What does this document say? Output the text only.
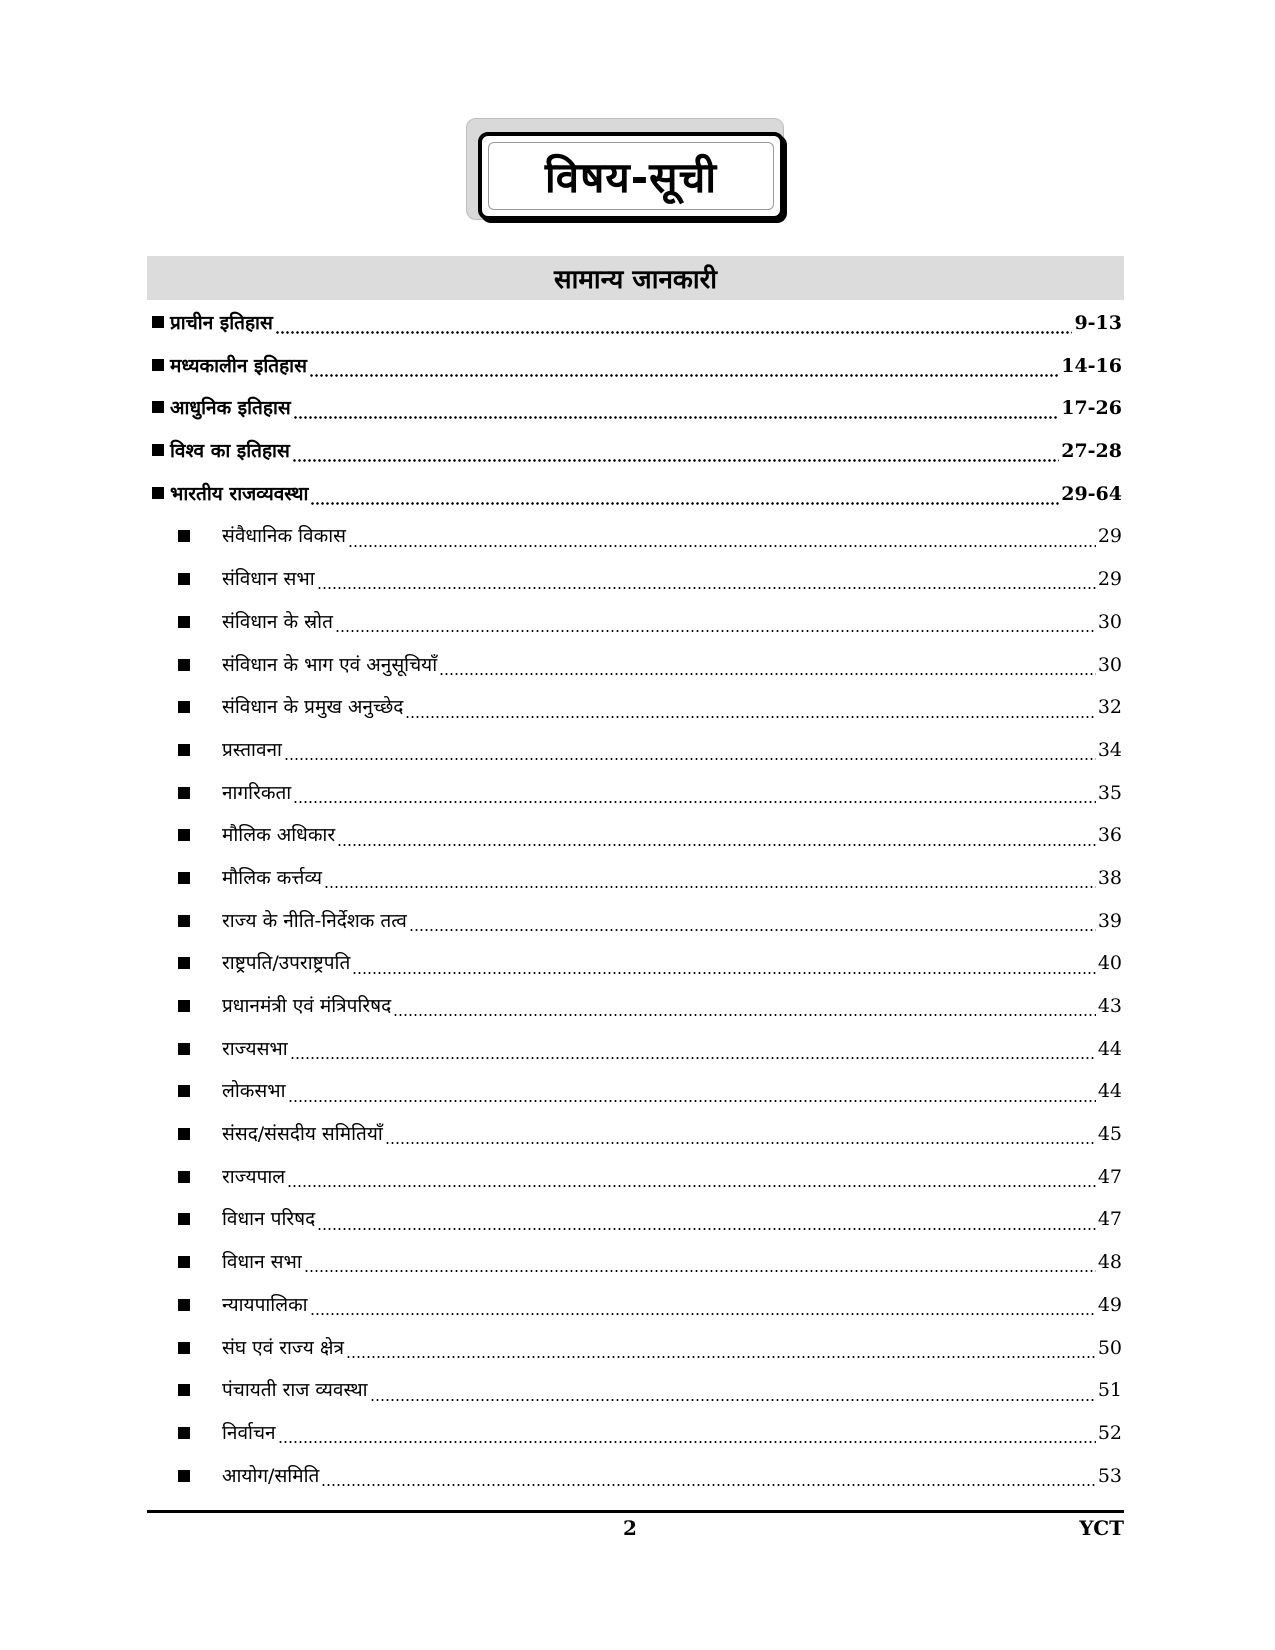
विषय-सूची
सामान्य जानकारी
प्राचीन इतिहास	9-13
मध्यकालीन इतिहास	14-16
आधुनिक इतिहास	17-26
विश्व का इतिहास	27-28
भारतीय राजव्यवस्था	29-64
संवैधानिक विकास	29
संविधान सभा	29
संविधान के स्रोत	30
संविधान के भाग एवं अनुसूचियाँ	30
संविधान के प्रमुख अनुच्छेद	32
प्रस्तावना	34
नागरिकता	35
मौलिक अधिकार	36
मौलिक कर्त्तव्य	38
राज्य के नीति-निर्देशक तत्व	39
राष्ट्रपति/उपराष्ट्रपति	40
प्रधानमंत्री एवं मंत्रिपरिषद	43
राज्यसभा	44
लोकसभा	44
संसद/संसदीय समितियाँ	45
राज्यपाल	47
विधान परिषद	47
विधान सभा	48
न्यायपालिका	49
संघ एवं राज्य क्षेत्र	50
पंचायती राज व्यवस्था	51
निर्वाचन	52
आयोग/समिति	53
2	YCT
